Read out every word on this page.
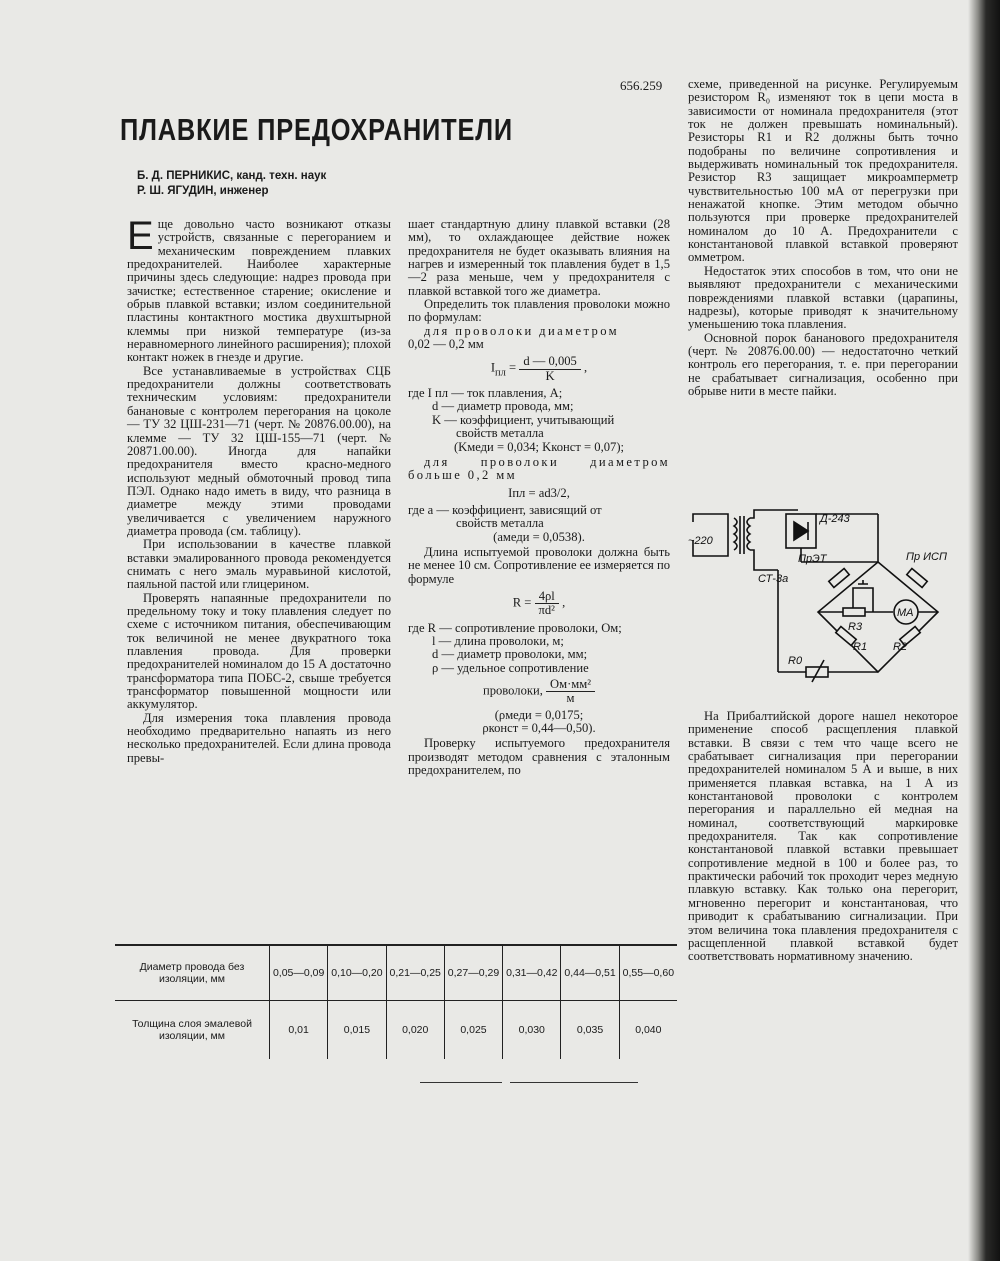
656.259
ПЛАВКИЕ ПРЕДОХРАНИТЕЛИ
Б. Д. ПЕРНИКИС, канд. техн. наук
Р. Ш. ЯГУДИН, инженер

Еще довольно часто возникают отказы устройств, связанные с перегоранием и механическим повреждением плавких предохранителей. Наиболее характерные причины здесь следующие: надрез провода при зачистке; естественное старение; окисление и обрыв плавкой вставки; излом соединительной пластины контактного мостика двухштырной клеммы при низкой температуре (из-за неравномерного линейного расширения); плохой контакт ножек в гнезде и другие.

Все устанавливаемые в устройствах СЦБ предохранители должны соответствовать техническим условиям: предохранители банановые с контролем перегорания на цоколе — ТУ 32 ЦШ-231—71 (черт. № 20876.00.00), на клемме — ТУ 32 ЦШ-155—71 (черт. № 20871.00.00). Иногда для напайки предохранителя вместо красно-медного используют медный обмоточный провод типа ПЭЛ. Однако надо иметь в виду, что разница в диаметре между этими проводами увеличивается с увеличением наружного диаметра провода (см. таблицу).

При использовании в качестве плавкой вставки эмалированного провода рекомендуется снимать с него эмаль муравьиной кислотой, паяльной пастой или глицерином.

Проверять напаянные предохранители по предельному току и току плавления следует по схеме с источником питания, обеспечивающим ток величиной не менее двукратного тока плавления провода. Для проверки предохранителей номиналом до 15 А достаточно трансформатора типа ПОБС-2, свыше требуется трансформатор повышенной мощности или аккумулятор.

Для измерения тока плавления провода необходимо предварительно напаять из него несколько предохранителей. Если длина провода превы-

шает стандартную длину плавкой вставки (28 мм), то охлаждающее действие ножек предохранителя не будет оказывать влияния на нагрев и измеренный ток плавления будет в 1,5—2 раза меньше, чем у предохранителя с плавкой вставкой того же диаметра.

Определить ток плавления проволоки можно по формулам:

для проволоки диаметром

0,02 — 0,2 мм

$I_{пл} = \frac{d — 0,005}{K}$ ,
где I пл — ток плавления, А;
d — диаметр провода, мм;
K — коэффициент, учитывающий
свойств металла
(Kмеди = 0,034; Kконст = 0,07);

для проволоки диаметром больше 0,2 мм

Iпл = ad3/2,
где a — коэффициент, зависящий от
свойств металла
(aмеди = 0,0538).

Длина испытуемой проволоки должна быть не менее 10 см. Сопротивление ее измеряется по формуле

$R = \frac{4\rho l}{\text{πd²}}$ ,
где R — сопротивление проволоки, Ом;
l — длина проволоки, м;
d — диаметр проволоки, мм;
ρ — удельное сопротивление
проволоки, $\frac{\text{Ом·мм²}}{м}$
(ρмеди = 0,0175;
ρконст = 0,44—0,50).

Проверку испытуемого предохранителя производят методом сравнения с эталонным предохранителем, по

схеме, приведенной на рисунке. Регулируемым резистором R₀ изменяют ток в цепи моста в зависимости от номинала предохранителя (этот ток не должен превышать номинальный). Резисторы R1 и R2 должны быть точно подобраны по величине сопротивления и выдерживать номинальный ток предохранителя. Резистор R3 защищает микроамперметр чувствительностью 100 мА от перегрузки при ненажатой кнопке. Этим методом обычно пользуются при проверке предохранителей номиналом до 10 А. Предохранители с константановой плавкой вставкой проверяют омметром.

Недостаток этих способов в том, что они не выявляют предохранители с механическими повреждениями плавкой вставки (царапины, надрезы), которые приводят к значительному уменьшению тока плавления.

Основной порок бананового предохранителя (черт. № 20876.00.00) — недостаточно четкий контроль его перегорания, т. е. при перегорании не срабатывает сигнализация, особенно при обрыве нити в месте пайки.

~220
СТ-3а
Д-243
ПрЭТ	Пр ИСП
МА
R3
R1 R2
R0

На Прибалтийской дороге нашел некоторое применение способ расщепления плавкой вставки. В связи с тем что чаще всего не срабатывает сигнализация при перегорании предохранителей номиналом 5 А и выше, в них применяется плавкая вставка, на 1 А из константановой проволоки с контролем перегорания и параллельно ей медная на номинал, соответствующий маркировке предохранителя. Так как сопротивление константановой плавкой вставки превышает сопротивление медной в 100 и более раз, то практически рабочий ток проходит через медную плавкую вставку. Как только она перегорит, мгновенно перегорит и константановая, что приводит к срабатыванию сигнализации. При этом величина тока плавления предохранителя с расщепленной плавкой вставкой будет соответствовать нормативному значению.

Диаметр провода без изоляции, мм	0,05—0,09	0,10—0,20	0,21—0,25	0,27—0,29	0,31—0,42	0,44—0,51	0,55—0,60
Толщина слоя эмалевой изоляции, мм	0,01	0,015	0,020	0,025	0,030	0,035	0,040
